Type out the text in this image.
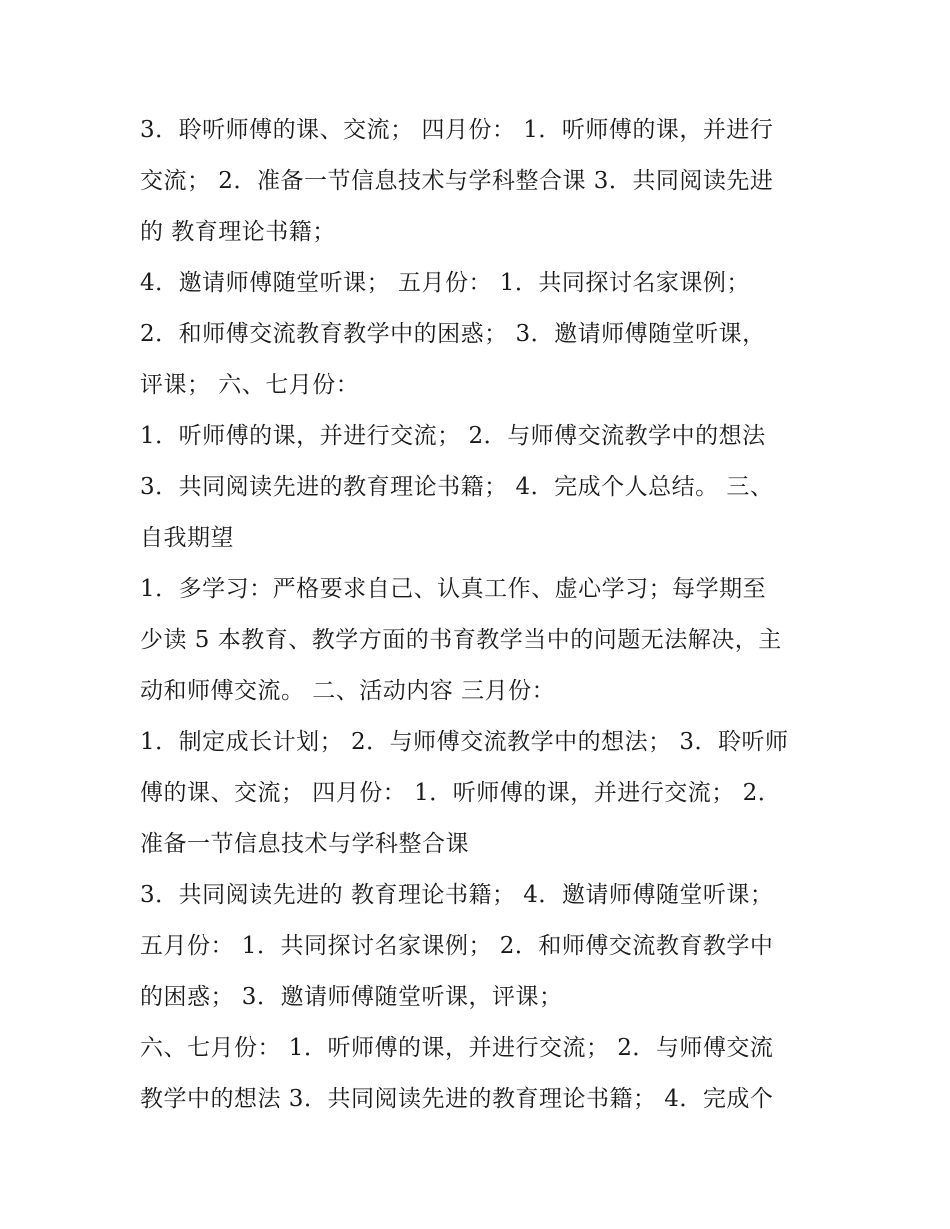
3．聆听师傅的课、交流； 四月份： 1．听师傅的课，并进行
交流； 2．准备一节信息技术与学科整合课 3．共同阅读先进
的 教育理论书籍；
4．邀请师傅随堂听课； 五月份： 1．共同探讨名家课例；
2．和师傅交流教育教学中的困惑； 3．邀请师傅随堂听课，
评课； 六、七月份：
1．听师傅的课，并进行交流； 2．与师傅交流教学中的想法
3．共同阅读先进的教育理论书籍； 4．完成个人总结。 三、
自我期望
1．多学习：严格要求自己、认真工作、虚心学习；每学期至
少读 5 本教育、教学方面的书育教学当中的问题无法解决，主
动和师傅交流。 二、活动内容 三月份：
1．制定成长计划； 2．与师傅交流教学中的想法； 3．聆听师
傅的课、交流； 四月份： 1．听师傅的课，并进行交流； 2．
准备一节信息技术与学科整合课
3．共同阅读先进的 教育理论书籍； 4．邀请师傅随堂听课；
五月份： 1．共同探讨名家课例； 2．和师傅交流教育教学中
的困惑； 3．邀请师傅随堂听课，评课；
六、七月份： 1．听师傅的课，并进行交流； 2．与师傅交流
教学中的想法 3．共同阅读先进的教育理论书籍； 4．完成个
